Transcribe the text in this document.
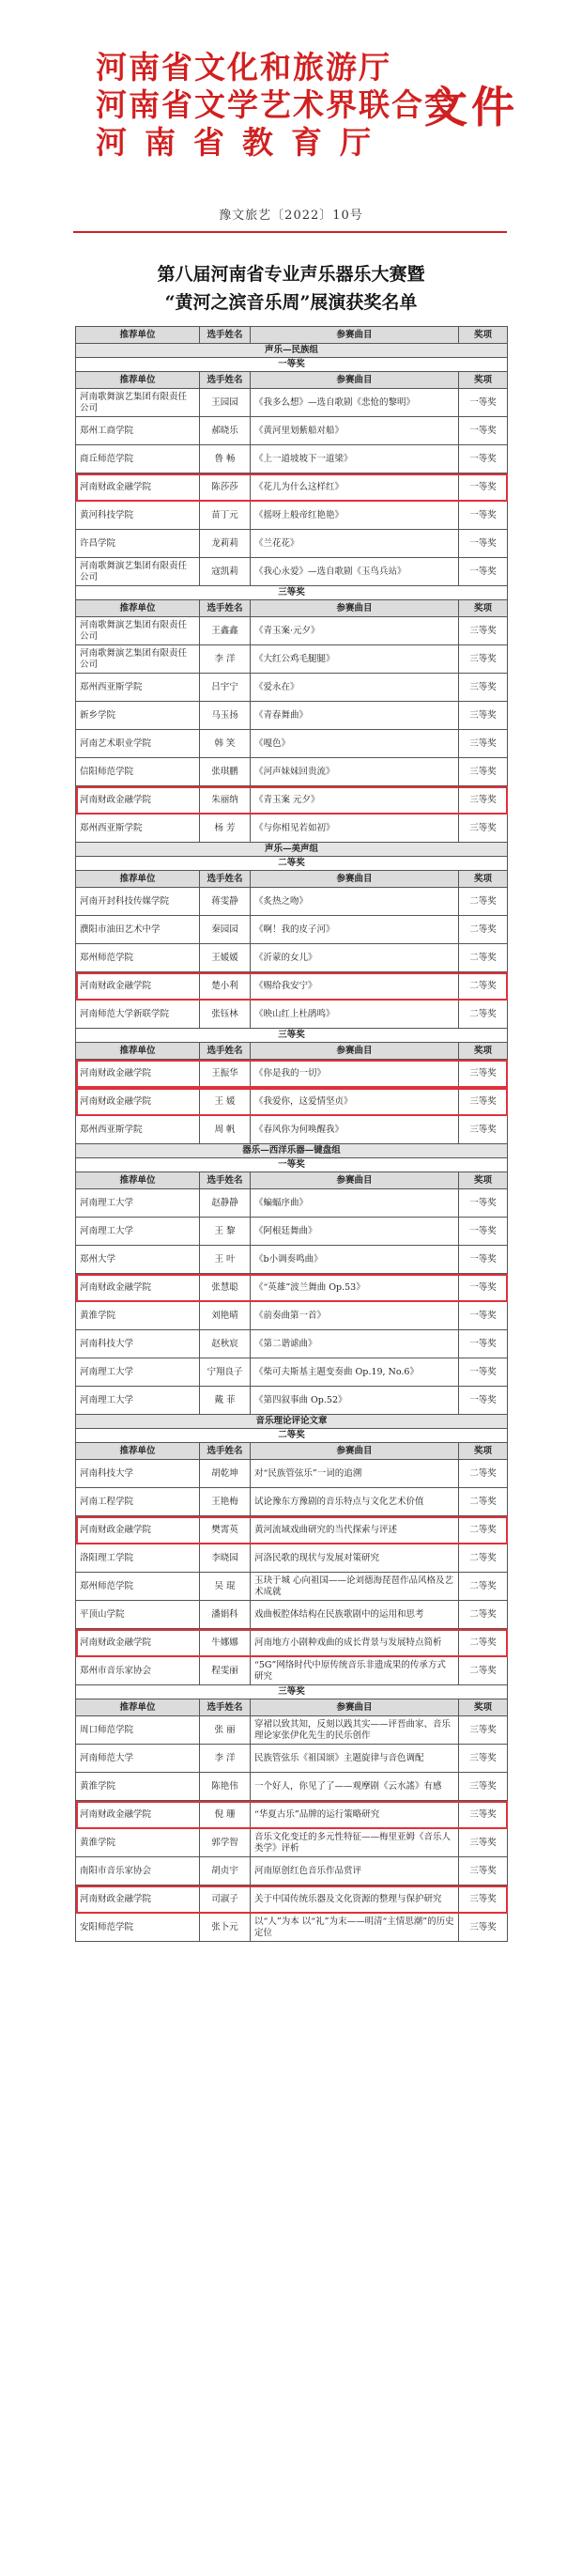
河南省文化和旅游厅
河南省文学艺术界联合会
河南省教育厅
文件
豫文旅艺〔2022〕10号
第八届河南省专业声乐器乐大赛暨
“黄河之滨音乐周”展演获奖名单
推荐单位	选手姓名	参赛曲目	奖项
声乐—民族组			
一等奖			
推荐单位	选手姓名	参赛曲目	奖项
河南歌舞演艺集团有限责任公司	王园园	《我多么想》—选自歌剧《悲怆的黎明》	一等奖
郑州工商学院	郝晓乐	《黄河里划紫船对船》	一等奖
商丘师范学院	鲁 畅	《上一道坡坡下一道梁》	一等奖
河南财政金融学院	陈莎莎	《花儿为什么这样红》	一等奖
黄河科技学院	苗丁元	《摇呀上般帝红艳艳》	一等奖
许昌学院	龙莉莉	《兰花花》	一等奖
河南歌舞演艺集团有限责任公司	寇凯莉	《我心永爱》—选自歌剧《玉鸟兵站》	一等奖
三等奖			
推荐单位	选手姓名	参赛曲目	奖项
河南歌舞演艺集团有限责任公司	王鑫鑫	《青玉案·元夕》	三等奖
河南歌舞演艺集团有限责任公司	李 洋	《大红公鸡毛腿腿》	三等奖
郑州西亚斯学院	吕宇宁	《爱永在》	三等奖
新乡学院	马玉扬	《青春舞曲》	三等奖
河南艺术职业学院	韩 笑	《嘎色》	三等奖
信阳师范学院	张琪鹏	《河声妹妹回贵流》	三等奖
河南财政金融学院	朱丽纳	《青玉案 元夕》	三等奖
郑州西亚斯学院	杨 芳	《与你相见若如初》	三等奖
声乐—美声组			
二等奖			
推荐单位	选手姓名	参赛曲目	奖项
河南开封科技传媒学院	蒋雯静	《炙热之吻》	二等奖
濮阳市油田艺术中学	秦园园	《啊！我的皮子河》	二等奖
郑州师范学院	王媛媛	《沂蒙的女儿》	二等奖
河南财政金融学院	楚小利	《赐给我安宁》	二等奖
河南师范大学新联学院	张钰林	《映山红上杜鹃鸣》	二等奖
三等奖			
推荐单位	选手姓名	参赛曲目	奖项
河南财政金融学院	王振华	《你是我的一切》	三等奖
河南财政金融学院	王 媛	《我爱你，这爱情坚贞》	三等奖
郑州西亚斯学院	周 帆	《春风你为何唤醒我》	三等奖
器乐—西洋乐器—键盘组			
一等奖			
推荐单位	选手姓名	参赛曲目	奖项
河南理工大学	赵静静	《蝙蝠序曲》	一等奖
河南理工大学	王 黎	《阿根廷舞曲》	一等奖
郑州大学	王 叶	《b小调奏鸣曲》	一等奖
河南财政金融学院	张慧聪	《“英雄”波兰舞曲 Op.53》	一等奖
黄淮学院	刘艳晴	《前奏曲第一首》	一等奖
河南科技大学	赵秋宸	《第二谐谑曲》	一等奖
河南理工大学	宁翔良子	《柴可夫斯基主题变奏曲 Op.19, No.6》	一等奖
河南理工大学	戴 菲	《第四叙事曲 Op.52》	一等奖
音乐理论评论文章			
二等奖			
推荐单位	选手姓名	参赛曲目	奖项
河南科技大学	胡乾坤	对“民族管弦乐”一词的追溯	二等奖
河南工程学院	王艳梅	试论豫东方豫剧的音乐特点与文化艺术价值	二等奖
河南财政金融学院	樊霄英	黄河流域戏曲研究的当代探索与评述	二等奖
洛阳理工学院	李晓园	河洛民歌的现状与发展对策研究	二等奖
郑州师范学院	吴 琨	玉玦于城 心向祖国——论刘德海琵琶作品风格及艺术成就	二等奖
平顶山学院	潘娟科	戏曲板腔体结构在民族歌剧中的运用和思考	二等奖
河南财政金融学院	牛娜娜	河南地方小剧种戏曲的成长背景与发展特点简析	二等奖
郑州市音乐家协会	程雯丽	“5G”网络时代中原传统音乐非遗成果的传承方式研究	二等奖
三等奖			
推荐单位	选手姓名	参赛曲目	奖项
周口师范学院	张 丽	穿裙以致其知，反刻以践其实——评晋曲家、音乐理论家张伊化先生的民乐创作	三等奖
河南师范大学	李 洋	民族管弦乐《祖国颂》主题旋律与音色调配	三等奖
黄淮学院	陈艳伟	一个好人，你见了了——观摩剧《云水謠》有感	三等奖
河南财政金融学院	倪 珊	“华夏古乐”品牌的运行策略研究	三等奖
黄淮学院	郭学智	音乐文化变迁的多元性特征——梅里亚姆《音乐人类学》评析	三等奖
南阳市音乐家协会	胡贞宇	河南原创红色音乐作品赏评	三等奖
河南财政金融学院	司淑子	关于中国传统乐器及文化资源的整理与保护研究	三等奖
安阳师范学院	张卜元	以“人”为本 以“礼”为末——明清“主情思潮”的历史定位	三等奖
